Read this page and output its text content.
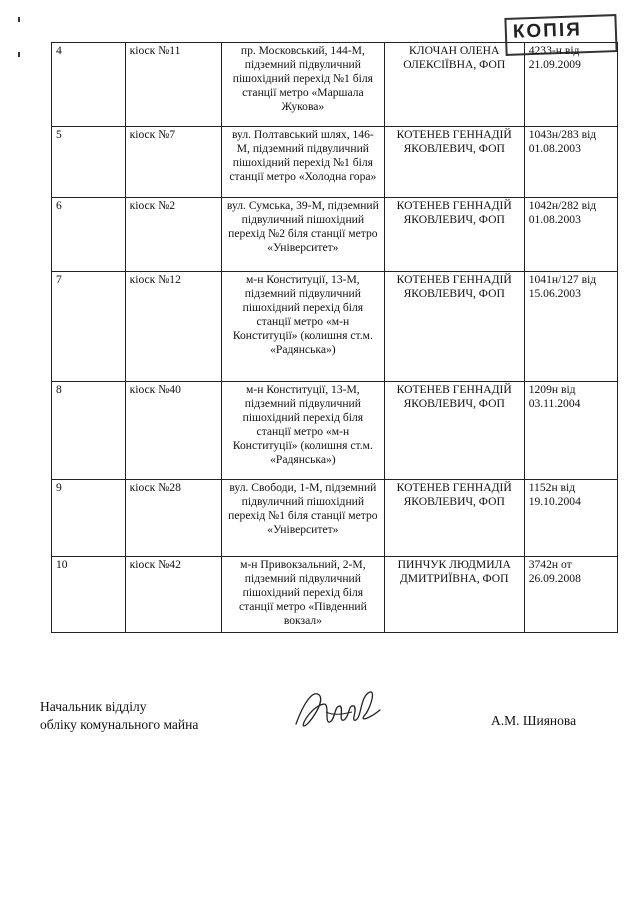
КОПІЯ
4	кіоск №11	пр. Московський, 144-М, підземний підвуличний пішохідний перехід №1 біля станції метро «Маршала Жукова»	КЛОЧАН ОЛЕНА ОЛЕКСІЇВНА, ФОП	4233-н від 21.09.2009
5	кіоск №7	вул. Полтавський шлях, 146-М, підземний підвуличний пішохідний перехід №1 біля станції метро «Холодна гора»	КОТЕНЕВ ГЕННАДІЙ ЯКОВЛЕВИЧ, ФОП	1043н/283 від 01.08.2003
6	кіоск №2	вул. Сумська, 39-М, підземний підвуличний пішохідний перехід №2 біля станції метро «Університет»	КОТЕНЕВ ГЕННАДІЙ ЯКОВЛЕВИЧ, ФОП	1042н/282 від 01.08.2003
7	кіоск №12	м-н Конституції, 13-М, підземний підвуличний пішохідний перехід біля станції метро «м-н Конституції» (колишня ст.м. «Радянська»)	КОТЕНЕВ ГЕННАДІЙ ЯКОВЛЕВИЧ, ФОП	1041н/127 від 15.06.2003
8	кіоск №40	м-н Конституції, 13-М, підземний підвуличний пішохідний перехід біля станції метро «м-н Конституції» (колишня ст.м. «Радянська»)	КОТЕНЕВ ГЕННАДІЙ ЯКОВЛЕВИЧ, ФОП	1209н від 03.11.2004
9	кіоск №28	вул. Свободи, 1-М, підземний підвуличний пішохідний перехід №1 біля станції метро «Університет»	КОТЕНЕВ ГЕННАДІЙ ЯКОВЛЕВИЧ, ФОП	1152н від 19.10.2004
10	кіоск №42	м-н Привокзальний, 2-М, підземний підвуличний пішохідний перехід біля станції метро «Південний вокзал»	ПИНЧУК ЛЮДМИЛА ДМИТРИЇВНА, ФОП	3742н от 26.09.2008
Начальник відділу
обліку комунального майна	А.М. Шиянова
